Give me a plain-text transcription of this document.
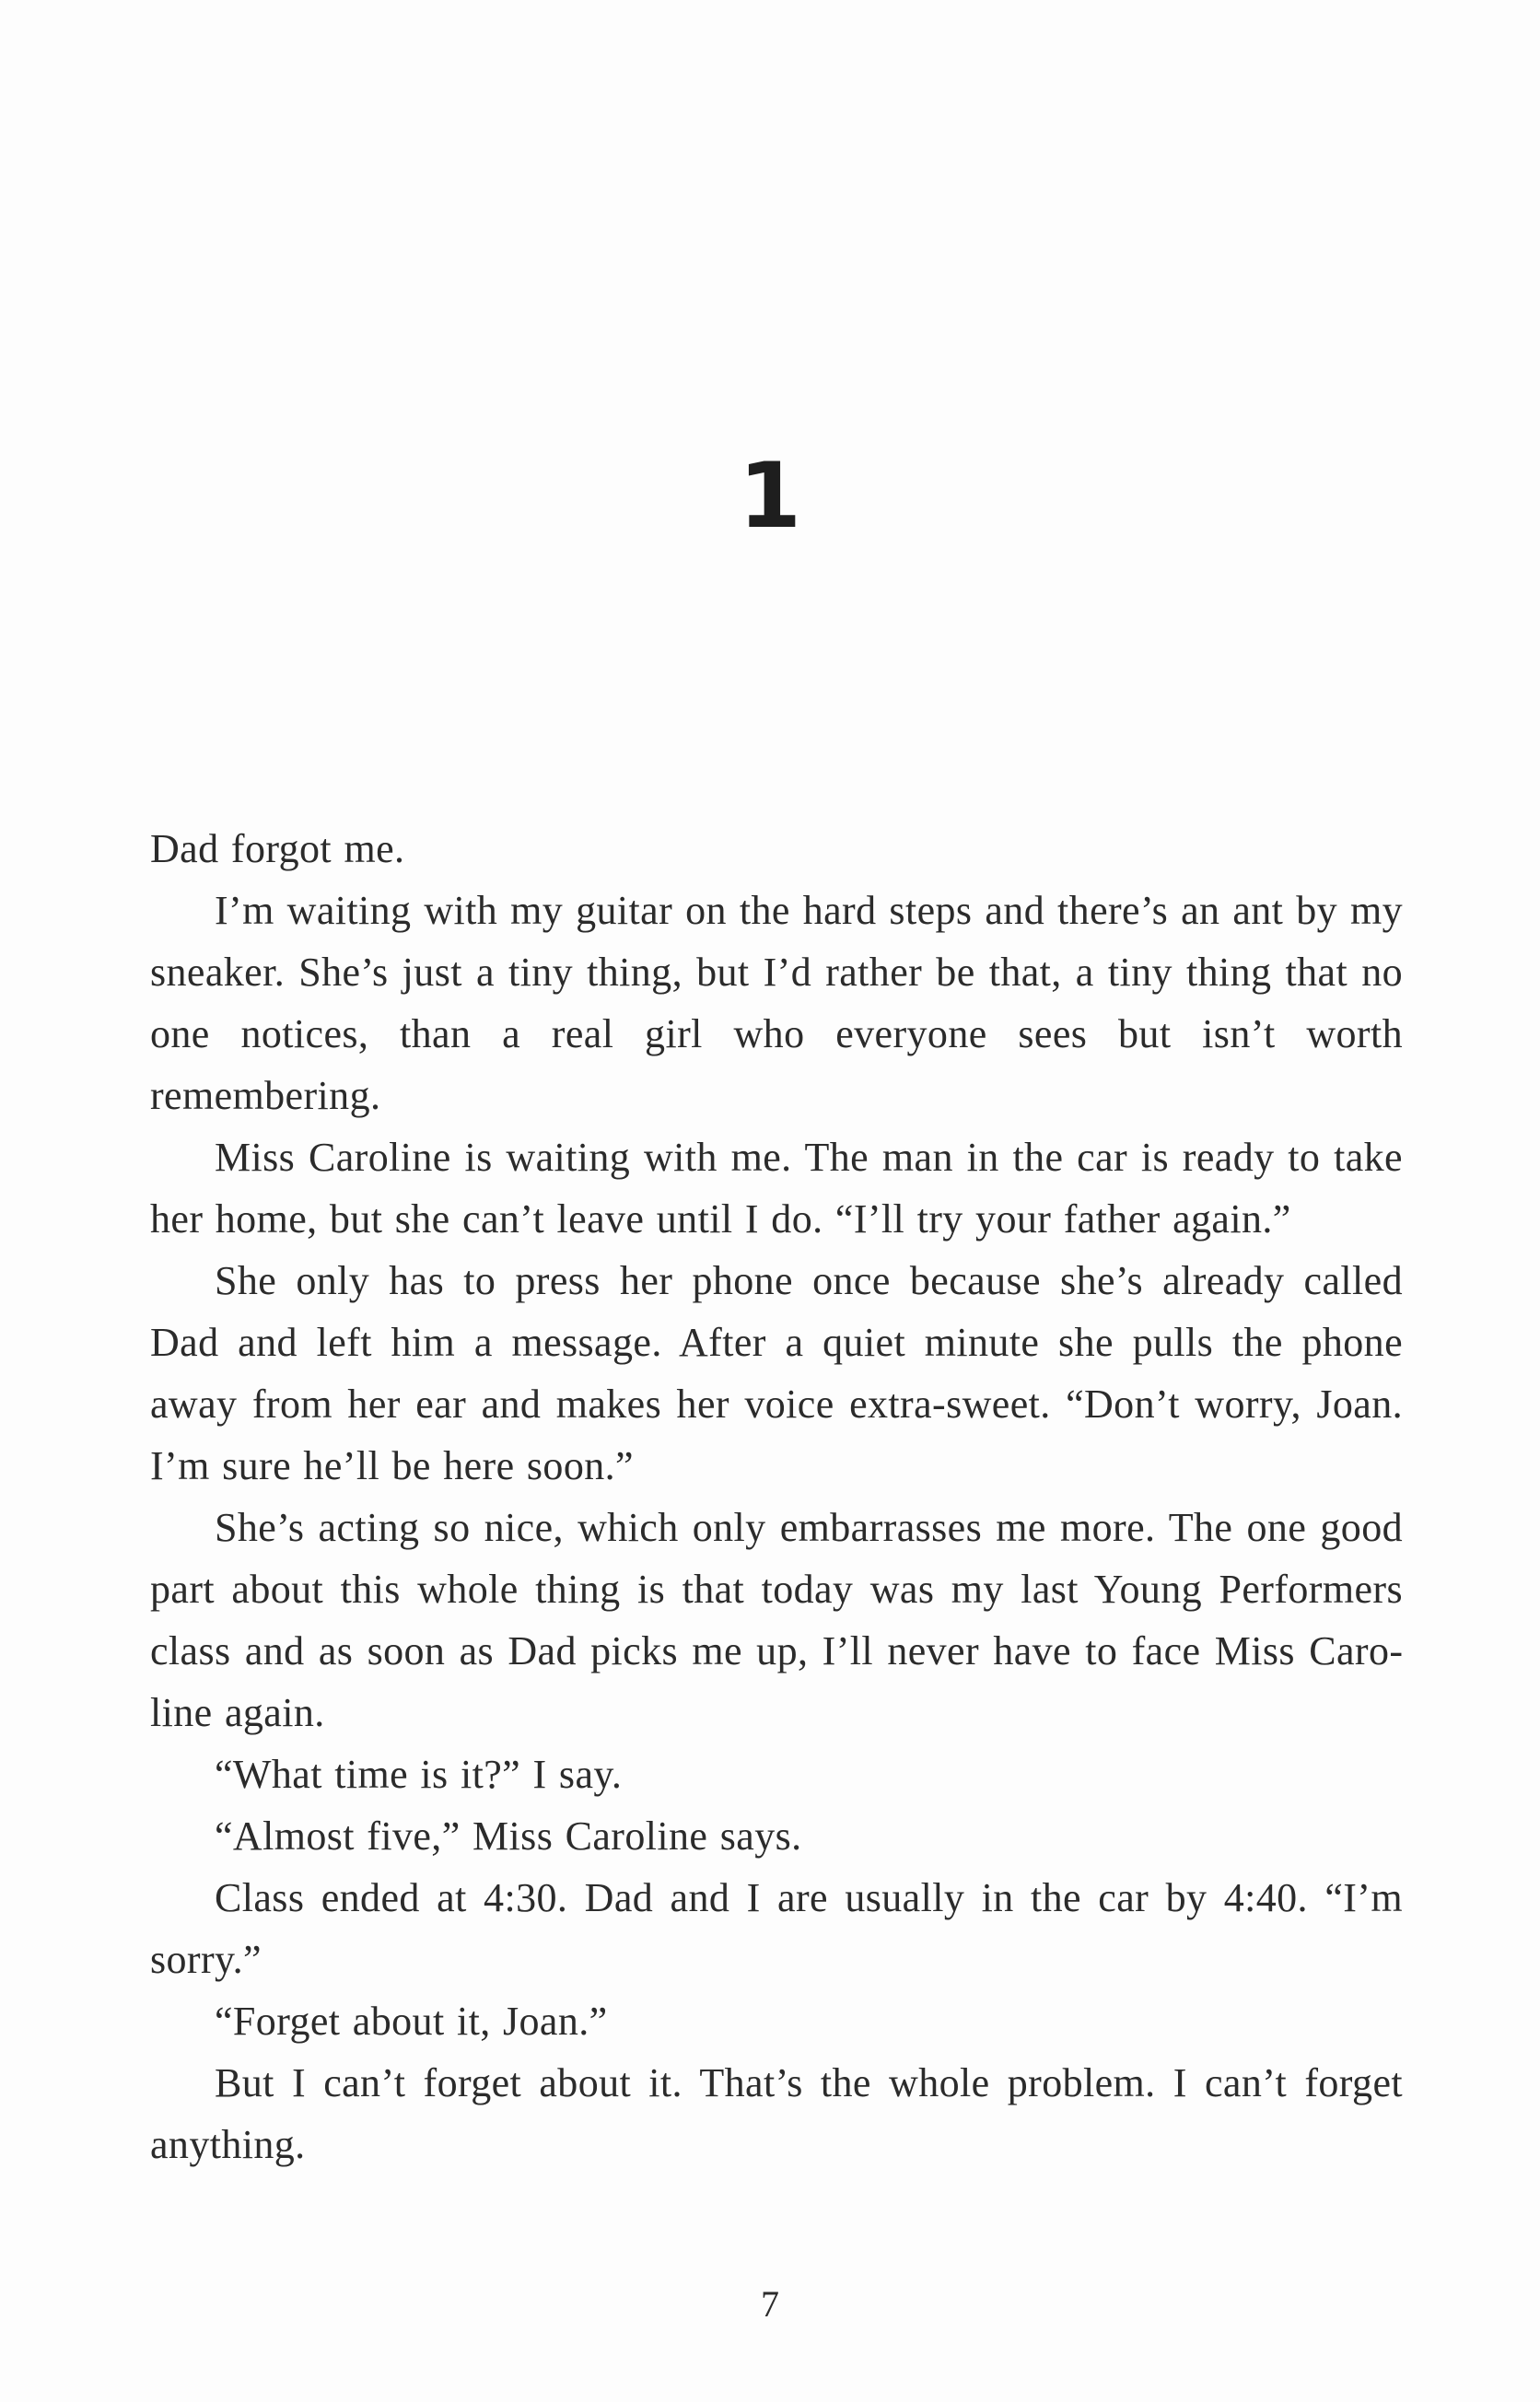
1

Dad forgot me.

I’m waiting with my guitar on the hard steps and there’s an ant by my sneaker. She’s just a tiny thing, but I’d rather be that, a tiny thing that no one notices, than a real girl who everyone sees but isn’t worth remembering.

Miss Caroline is waiting with me. The man in the car is ready to take her home, but she can’t leave until I do. “I’ll try your father again.”

She only has to press her phone once because she’s already called Dad and left him a message. After a quiet minute she pulls the phone away from her ear and makes her voice extra-sweet. “Don’t worry, Joan. I’m sure he’ll be here soon.”

She’s acting so nice, which only embarrasses me more. The one good part about this whole thing is that today was my last Young Performers class and as soon as Dad picks me up, I’ll never have to face Miss Caroline again.

“What time is it?” I say.

“Almost five,” Miss Caroline says.

Class ended at 4:30. Dad and I are usually in the car by 4:40. “I’m sorry.”

“Forget about it, Joan.”

But I can’t forget about it. That’s the whole problem. I can’t forget anything.

7
